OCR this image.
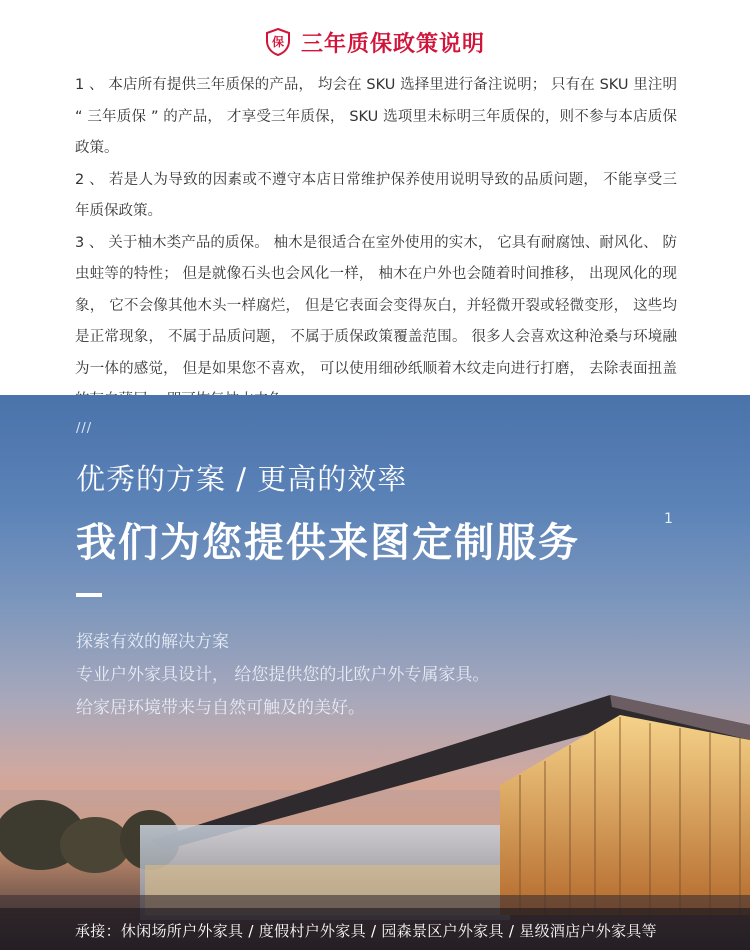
保 三年质保政策说明

1 、 本店所有提供三年质保的产品， 均会在 SKU 选择里进行备注说明； 只有在 SKU 里注明 “ 三年质保 ” 的产品， 才享受三年质保， SKU 选项里未标明三年质保的，则不参与本店质保政策。

2 、 若是人为导致的因素或不遵守本店日常维护保养使用说明导致的品质问题， 不能享受三年质保政策。

3 、 关于柚木类产品的质保。 柚木是很适合在室外使用的实木， 它具有耐腐蚀、耐风化、 防虫蛀等的特性； 但是就像石头也会风化一样， 柚木在户外也会随着时间推移， 出现风化的现象， 它不会像其他木头一样腐烂， 但是它表面会变得灰白，并轻微开裂或轻微变形， 这些均是正常现象， 不属于品质问题， 不属于质保政策覆盖范围。 很多人会喜欢这种沧桑与环境融为一体的感觉， 但是如果您不喜欢， 可以使用细砂纸顺着木纹走向进行打磨， 去除表面扭盖

///
优秀的方案 / 更高的效率
我们为您提供来图定制服务
1
探索有效的解决方案
专业户外家具设计， 给您提供您的北欧户外专属家具。
给家居环境带来与自然可触及的美好。
承接：休闲场所户外家具 / 度假村户外家具 / 园森景区户外家具 / 星级酒店户外家具等
